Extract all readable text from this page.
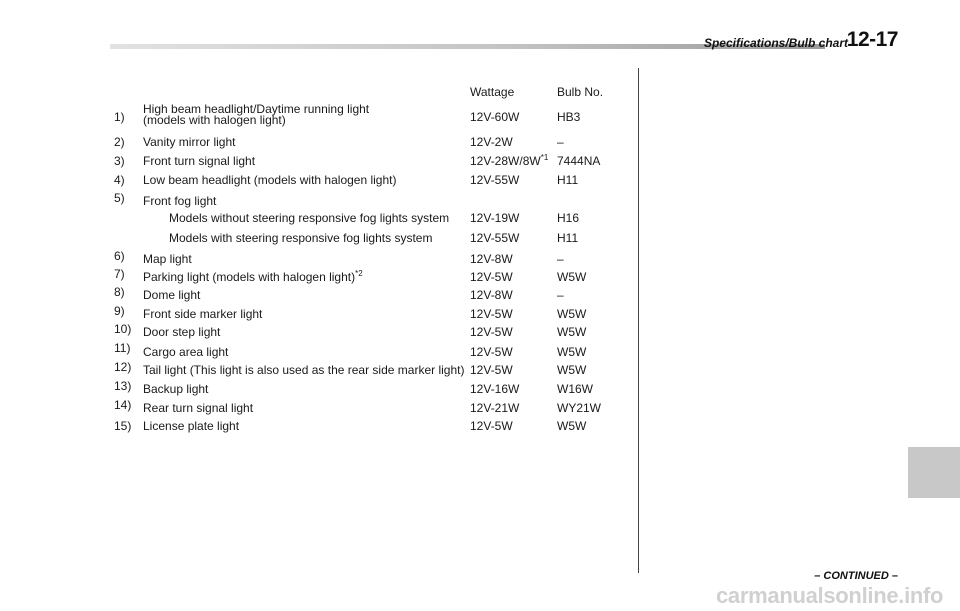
Specifications/Bulb chart
12-17
Wattage	Bulb No.
1)
High beam headlight/Daytime running light
(models with halogen light)	12V-60W	HB3
2) Vanity mirror light	12V-2W	–
3) Front turn signal light	$12V-28W/8W^{*1}$ 7444NA
4) Low beam headlight (models with halogen light)	12V-55W	H11
5) Front fog light
Models without steering responsive fog lights system 12V-19W	H16
Models with steering responsive fog lights system	12V-55W	H11
6) Map light	12V-8W	–
7) Parking light (models with halogen light)$^{*2}$	12V-5W	W5W
8) Dome light	12V-8W	–
9) Front side marker light	12V-5W	W5W
10) Door step light	12V-5W	W5W
11) Cargo area light	12V-5W	W5W
12) Tail light (This light is also used as the rear side marker light) 12V-5W	W5W
13) Backup light	12V-16W	W16W
14) Rear turn signal light	12V-21W	WY21W
15) License plate light	12V-5W	W5W
– CONTINUED –
carmanualsonline.info
